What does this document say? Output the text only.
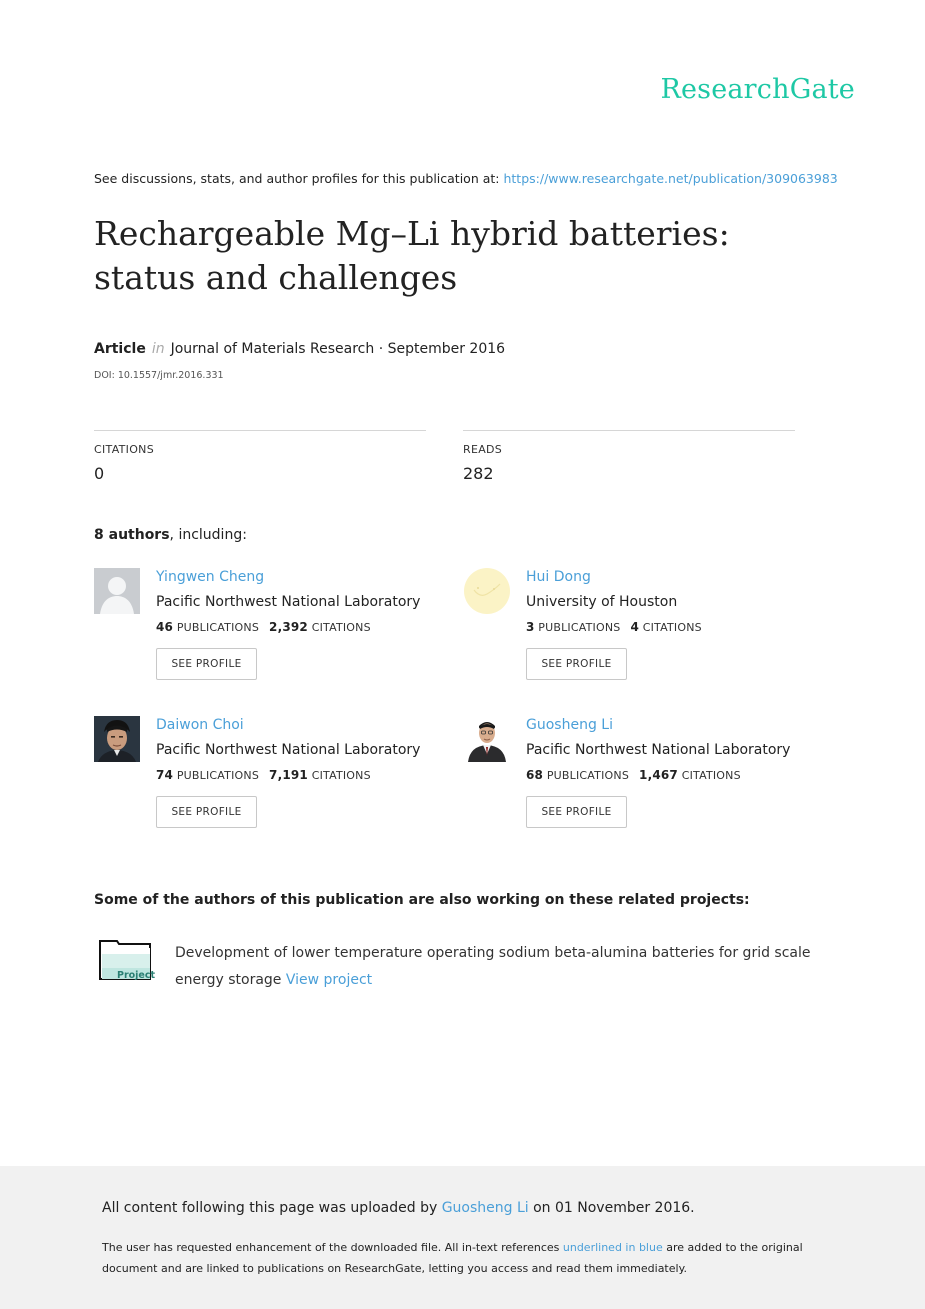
ResearchGate
See discussions, stats, and author profiles for this publication at: https://www.researchgate.net/publication/309063983
Rechargeable Mg–Li hybrid batteries: status and challenges
Article in Journal of Materials Research · September 2016
DOI: 10.1557/jmr.2016.331
CITATIONS
0
READS
282
8 authors, including:
Yingwen Cheng
Pacific Northwest National Laboratory
46 PUBLICATIONS 2,392 CITATIONS
SEE PROFILE
Hui Dong
University of Houston
3 PUBLICATIONS 4 CITATIONS
SEE PROFILE
Daiwon Choi
Pacific Northwest National Laboratory
74 PUBLICATIONS 7,191 CITATIONS
SEE PROFILE
Guosheng Li
Pacific Northwest National Laboratory
68 PUBLICATIONS 1,467 CITATIONS
SEE PROFILE
Some of the authors of this publication are also working on these related projects:
Project
Development of lower temperature operating sodium beta-alumina batteries for grid scale energy storage View project
All content following this page was uploaded by Guosheng Li on 01 November 2016.
The user has requested enhancement of the downloaded file. All in-text references underlined in blue are added to the original document and are linked to publications on ResearchGate, letting you access and read them immediately.
